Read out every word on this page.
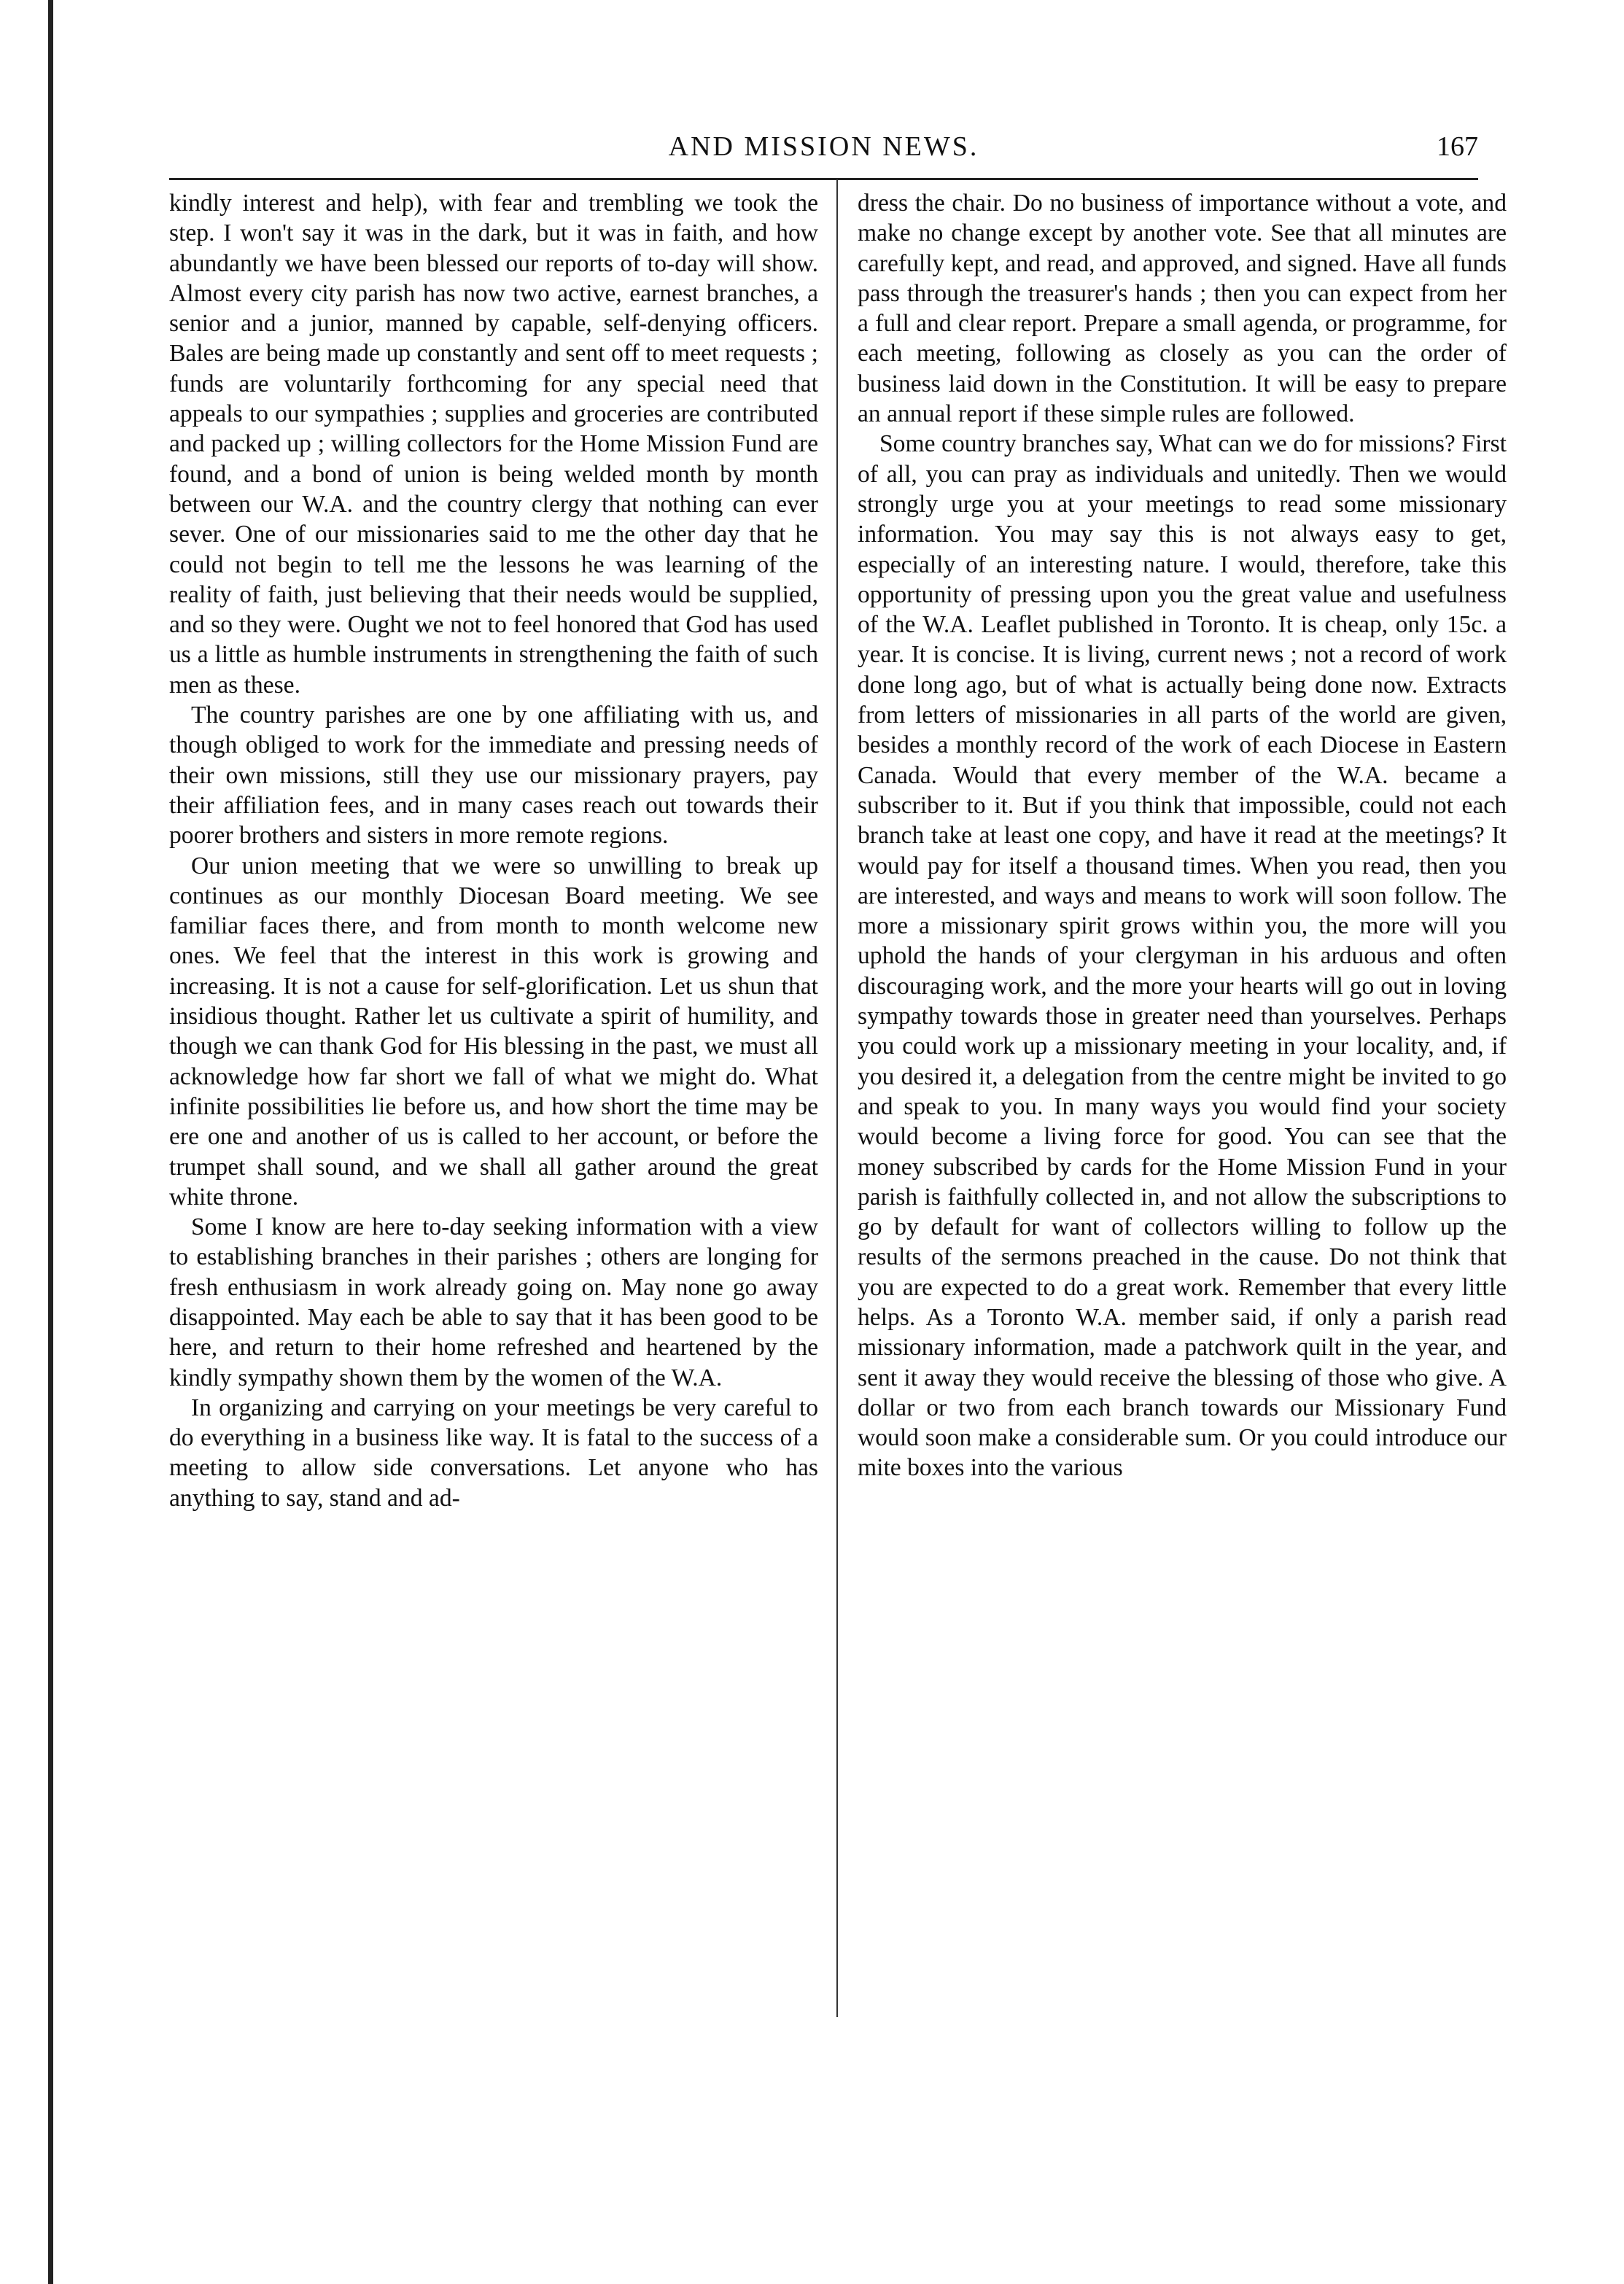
AND MISSION NEWS.	167

kindly interest and help), with fear and trembling we took the step. I won't say it was in the dark, but it was in faith, and how abundantly we have been blessed our reports of to-day will show. Almost every city parish has now two active, earnest branches, a senior and a junior, manned by capable, self-denying officers. Bales are being made up constantly and sent off to meet requests ; funds are voluntarily forthcoming for any special need that appeals to our sympathies ; supplies and groceries are contributed and packed up ; willing collectors for the Home Mission Fund are found, and a bond of union is being welded month by month between our W.A. and the country clergy that nothing can ever sever. One of our missionaries said to me the other day that he could not begin to tell me the lessons he was learning of the reality of faith, just believing that their needs would be supplied, and so they were. Ought we not to feel honored that God has used us a little as humble instruments in strengthening the faith of such men as these.

The country parishes are one by one affiliating with us, and though obliged to work for the immediate and pressing needs of their own missions, still they use our missionary prayers, pay their affiliation fees, and in many cases reach out towards their poorer brothers and sisters in more remote regions.

Our union meeting that we were so unwilling to break up continues as our monthly Diocesan Board meeting. We see familiar faces there, and from month to month welcome new ones. We feel that the interest in this work is growing and increasing. It is not a cause for self-glorification. Let us shun that insidious thought. Rather let us cultivate a spirit of humility, and though we can thank God for His blessing in the past, we must all acknowledge how far short we fall of what we might do. What infinite possibilities lie before us, and how short the time may be ere one and another of us is called to her account, or before the trumpet shall sound, and we shall all gather around the great white throne.

Some I know are here to-day seeking information with a view to establishing branches in their parishes ; others are longing for fresh enthusiasm in work already going on. May none go away disappointed. May each be able to say that it has been good to be here, and return to their home refreshed and heartened by the kindly sympathy shown them by the women of the W.A.

In organizing and carrying on your meetings be very careful to do everything in a business like way. It is fatal to the success of a meeting to allow side conversations. Let anyone who has anything to say, stand and ad-

dress the chair. Do no business of importance without a vote, and make no change except by another vote. See that all minutes are carefully kept, and read, and approved, and signed. Have all funds pass through the treasurer's hands ; then you can expect from her a full and clear report. Prepare a small agenda, or programme, for each meeting, following as closely as you can the order of business laid down in the Constitution. It will be easy to prepare an annual report if these simple rules are followed.

Some country branches say, What can we do for missions? First of all, you can pray as individuals and unitedly. Then we would strongly urge you at your meetings to read some missionary information. You may say this is not always easy to get, especially of an interesting nature. I would, therefore, take this opportunity of pressing upon you the great value and usefulness of the W.A. Leaflet published in Toronto. It is cheap, only 15c. a year. It is concise. It is living, current news ; not a record of work done long ago, but of what is actually being done now. Extracts from letters of missionaries in all parts of the world are given, besides a monthly record of the work of each Diocese in Eastern Canada. Would that every member of the W.A. became a subscriber to it. But if you think that impossible, could not each branch take at least one copy, and have it read at the meetings? It would pay for itself a thousand times. When you read, then you are interested, and ways and means to work will soon follow. The more a missionary spirit grows within you, the more will you uphold the hands of your clergyman in his arduous and often discouraging work, and the more your hearts will go out in loving sympathy towards those in greater need than yourselves. Perhaps you could work up a missionary meeting in your locality, and, if you desired it, a delegation from the centre might be invited to go and speak to you. In many ways you would find your society would become a living force for good. You can see that the money subscribed by cards for the Home Mission Fund in your parish is faithfully collected in, and not allow the subscriptions to go by default for want of collectors willing to follow up the results of the sermons preached in the cause. Do not think that you are expected to do a great work. Remember that every little helps. As a Toronto W.A. member said, if only a parish read missionary information, made a patchwork quilt in the year, and sent it away they would receive the blessing of those who give. A dollar or two from each branch towards our Missionary Fund would soon make a considerable sum. Or you could introduce our mite boxes into the various
